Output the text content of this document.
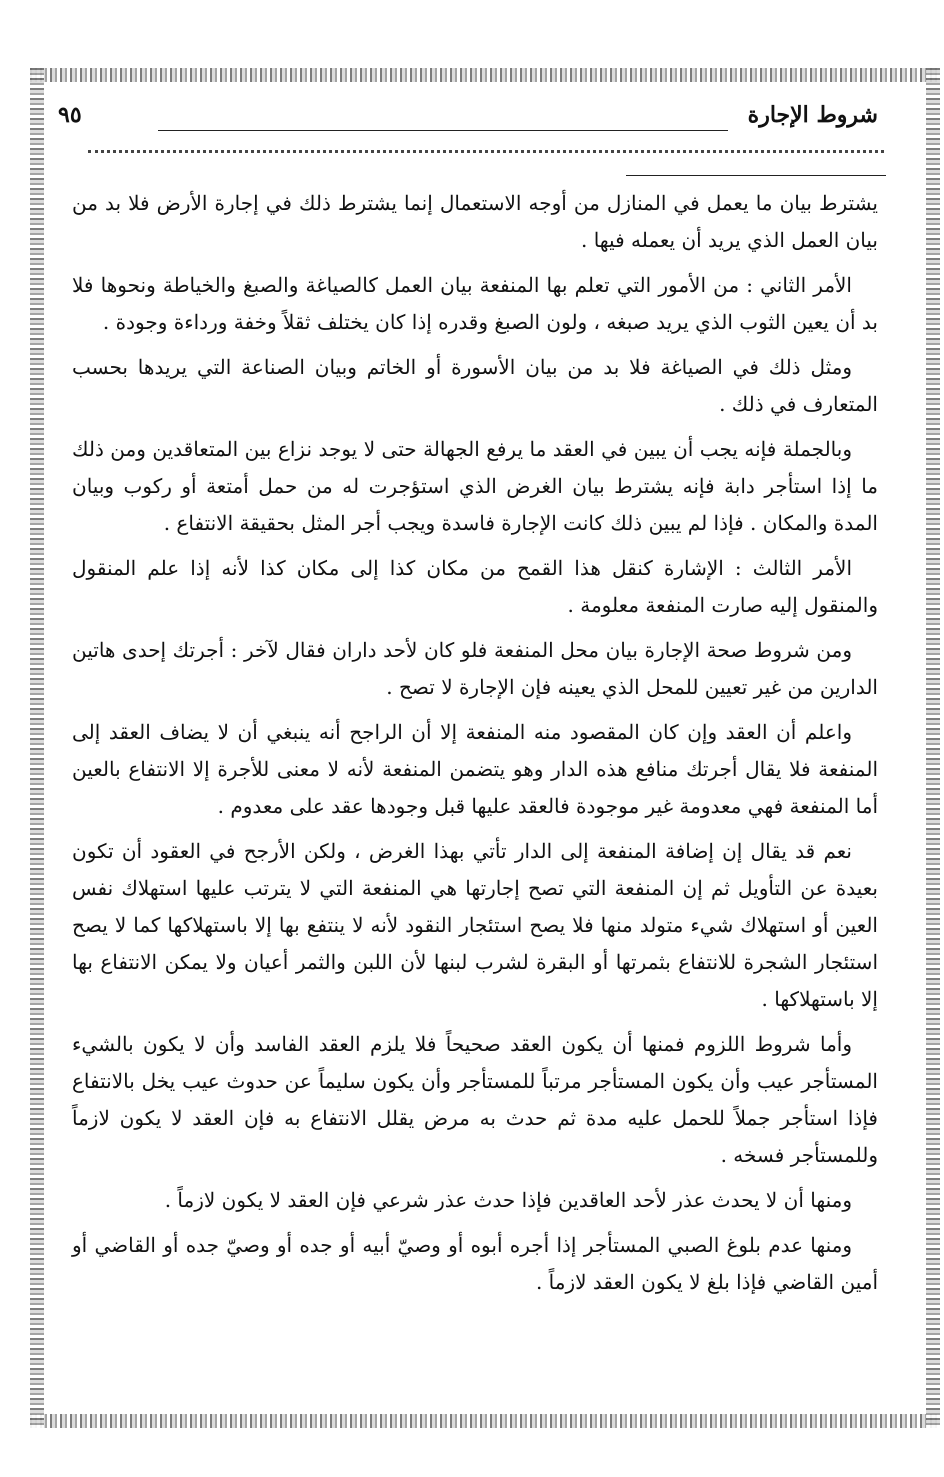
شروط الإجارة
٩٥

يشترط بيان ما يعمل في المنازل من أوجه الاستعمال إنما يشترط ذلك في إجارة الأرض فلا بد من بيان العمل الذي يريد أن يعمله فيها .

الأمر الثاني : من الأمور التي تعلم بها المنفعة بيان العمل كالصياغة والصبغ والخياطة ونحوها فلا بد أن يعين الثوب الذي يريد صبغه ، ولون الصبغ وقدره إذا كان يختلف ثقلاً وخفة ورداءة وجودة .

ومثل ذلك في الصياغة فلا بد من بيان الأسورة أو الخاتم وبيان الصناعة التي يريدها بحسب المتعارف في ذلك .

وبالجملة فإنه يجب أن يبين في العقد ما يرفع الجهالة حتى لا يوجد نزاع بين المتعاقدين ومن ذلك ما إذا استأجر دابة فإنه يشترط بيان الغرض الذي استؤجرت له من حمل أمتعة أو ركوب وبيان المدة والمكان . فإذا لم يبين ذلك كانت الإجارة فاسدة ويجب أجر المثل بحقيقة الانتفاع .

الأمر الثالث : الإشارة كنقل هذا القمح من مكان كذا إلى مكان كذا لأنه إذا علم المنقول والمنقول إليه صارت المنفعة معلومة .

ومن شروط صحة الإجارة بيان محل المنفعة فلو كان لأحد داران فقال لآخر : أجرتك إحدى هاتين الدارين من غير تعيين للمحل الذي يعينه فإن الإجارة لا تصح .

واعلم أن العقد وإن كان المقصود منه المنفعة إلا أن الراجح أنه ينبغي أن لا يضاف العقد إلى المنفعة فلا يقال أجرتك منافع هذه الدار وهو يتضمن المنفعة لأنه لا معنى للأجرة إلا الانتفاع بالعين أما المنفعة فهي معدومة غير موجودة فالعقد عليها قبل وجودها عقد على معدوم .

نعم قد يقال إن إضافة المنفعة إلى الدار تأتي بهذا الغرض ، ولكن الأرجح في العقود أن تكون بعيدة عن التأويل ثم إن المنفعة التي تصح إجارتها هي المنفعة التي لا يترتب عليها استهلاك نفس العين أو استهلاك شيء متولد منها فلا يصح استئجار النقود لأنه لا ينتفع بها إلا باستهلاكها كما لا يصح استئجار الشجرة للانتفاع بثمرتها أو البقرة لشرب لبنها لأن اللبن والثمر أعيان ولا يمكن الانتفاع بها إلا باستهلاكها .

وأما شروط اللزوم فمنها أن يكون العقد صحيحاً فلا يلزم العقد الفاسد وأن لا يكون بالشيء المستأجر عيب وأن يكون المستأجر مرتباً للمستأجر وأن يكون سليماً عن حدوث عيب يخل بالانتفاع فإذا استأجر جملاً للحمل عليه مدة ثم حدث به مرض يقلل الانتفاع به فإن العقد لا يكون لازماً وللمستأجر فسخه .

ومنها أن لا يحدث عذر لأحد العاقدين فإذا حدث عذر شرعي فإن العقد لا يكون لازماً .

ومنها عدم بلوغ الصبي المستأجر إذا أجره أبوه أو وصيّ أبيه أو جده أو وصيّ جده أو القاضي أو أمين القاضي فإذا بلغ لا يكون العقد لازماً .
